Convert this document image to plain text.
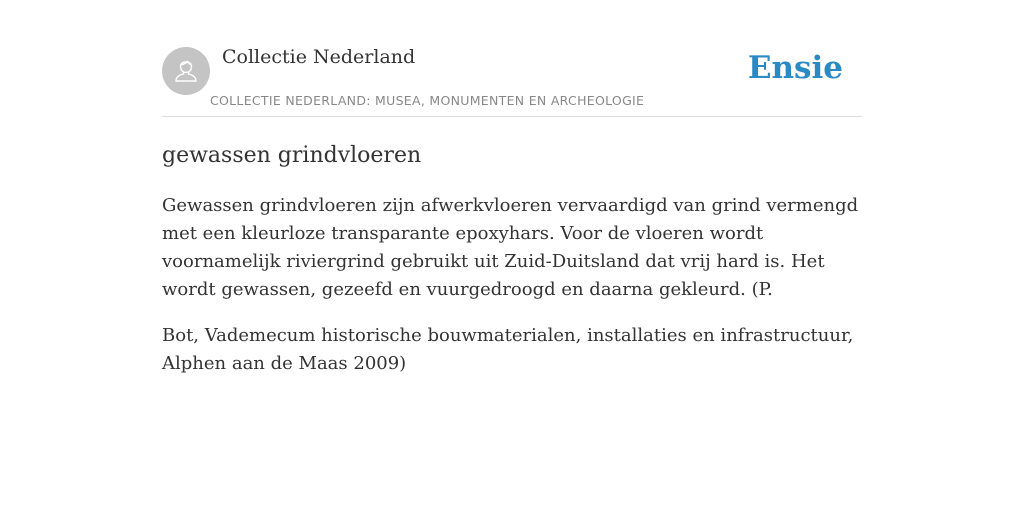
Collectie Nederland
COLLECTIE NEDERLAND: MUSEA, MONUMENTEN EN ARCHEOLOGIE
Ensie
gewassen grindvloeren

Gewassen grindvloeren zijn afwerkvloeren vervaardigd van grind vermengd met een kleurloze transparante epoxyhars. Voor de vloeren wordt voornamelijk riviergrind gebruikt uit Zuid-Duitsland dat vrij hard is. Het wordt gewassen, gezeefd en vuurgedroogd en daarna gekleurd. (P.

Bot, Vademecum historische bouwmaterialen, installaties en infrastructuur, Alphen aan de Maas 2009)
